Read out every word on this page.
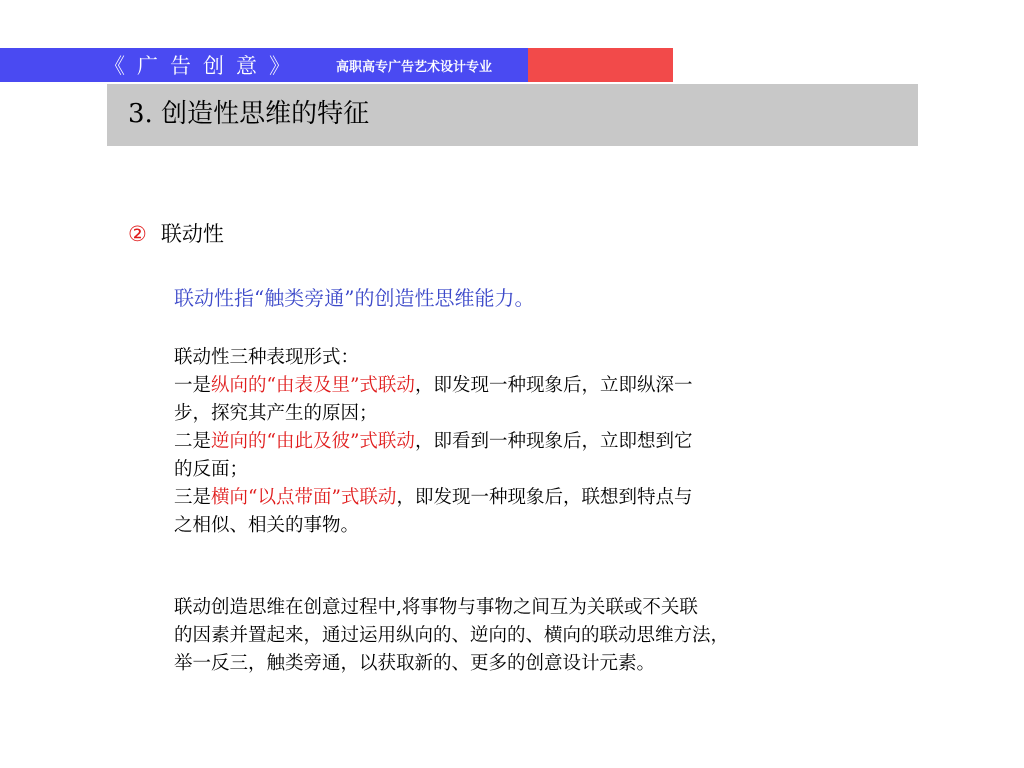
《广告创意》	高职高专广告艺术设计专业
3. 创造性思维的特征
② 联动性
联动性指“触类旁通”的创造性思维能力。
联动性三种表现形式：
一是纵向的“由表及里”式联动，即发现一种现象后，立即纵深一
步，探究其产生的原因；
二是逆向的“由此及彼”式联动，即看到一种现象后，立即想到它
的反面；
三是横向“以点带面”式联动，即发现一种现象后，联想到特点与
之相似、相关的事物。
联动创造思维在创意过程中,将事物与事物之间互为关联或不关联
的因素并置起来，通过运用纵向的、逆向的、横向的联动思维方法，
举一反三，触类旁通，以获取新的、更多的创意设计元素。
